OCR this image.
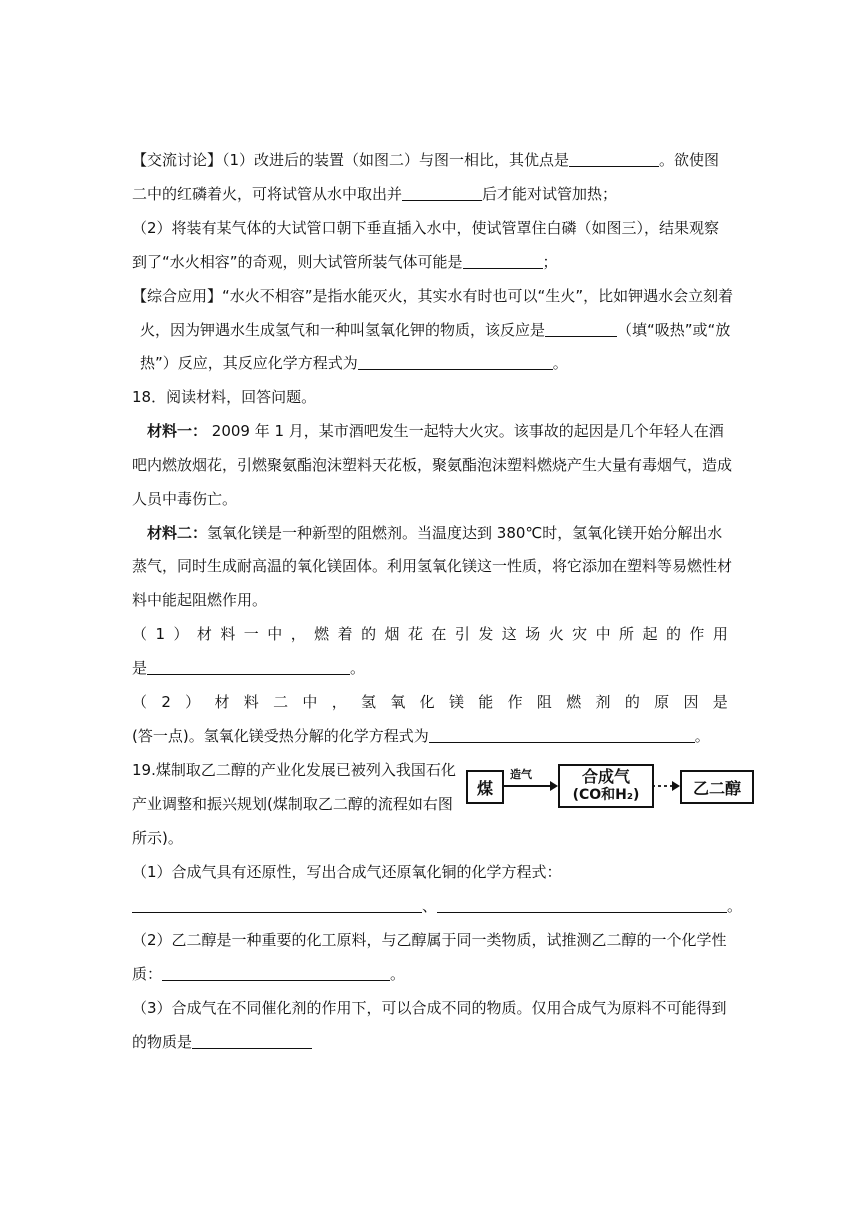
【交流讨论】（1）改进后的装置（如图二）与图一相比，其优点是	。欲使图
二中的红磷着火，可将试管从水中取出并	后才能对试管加热；
（2）将装有某气体的大试管口朝下垂直插入水中，使试管罩住白磷（如图三），结果观察
到了“水火相容”的奇观，则大试管所装气体可能是	；
【综合应用】“水火不相容”是指水能灭火，其实水有时也可以“生火”，比如钾遇水会立刻着
火，因为钾遇水生成氢气和一种叫氢氧化钾的物质，该反应是	（填“吸热”或“放
热”）反应，其反应化学方程式为	。
18．阅读材料，回答问题。
材料一： 2009 年 1 月，某市酒吧发生一起特大火灾。该事故的起因是几个年轻人在酒
吧内燃放烟花，引燃聚氨酯泡沫塑料天花板，聚氨酯泡沫塑料燃烧产生大量有毒烟气，造成
人员中毒伤亡。
材料二：氢氧化镁是一种新型的阻燃剂。当温度达到 380℃时，氢氧化镁开始分解出水
蒸气，同时生成耐高温的氧化镁固体。利用氢氧化镁这一性质，将它添加在塑料等易燃性材
料中能起阻燃作用。
（ 1 ） 材 料 一 中 ， 燃 着 的 烟 花 在 引 发 这 场 火 灾 中 所 起 的 作 用
是	。
（ 2 ） 材 料 二 中 ， 氢 氧 化 镁 能 作 阻 燃 剂 的 原 因 是
(答一点)。氢氧化镁受热分解的化学方程式为	。
19.煤制取乙二醇的产业化发展已被列入我国石化
产业调整和振兴规划(煤制取乙二醇的流程如右图
所示)。
煤
造气	合成气
(CO和H₂)	乙二醇
（1）合成气具有还原性，写出合成气还原氧化铜的化学方程式：
、	。
（2）乙二醇是一种重要的化工原料，与乙醇属于同一类物质，试推测乙二醇的一个化学性
质：	。
（3）合成气在不同催化剂的作用下，可以合成不同的物质。仅用合成气为原料不可能得到
的物质是
